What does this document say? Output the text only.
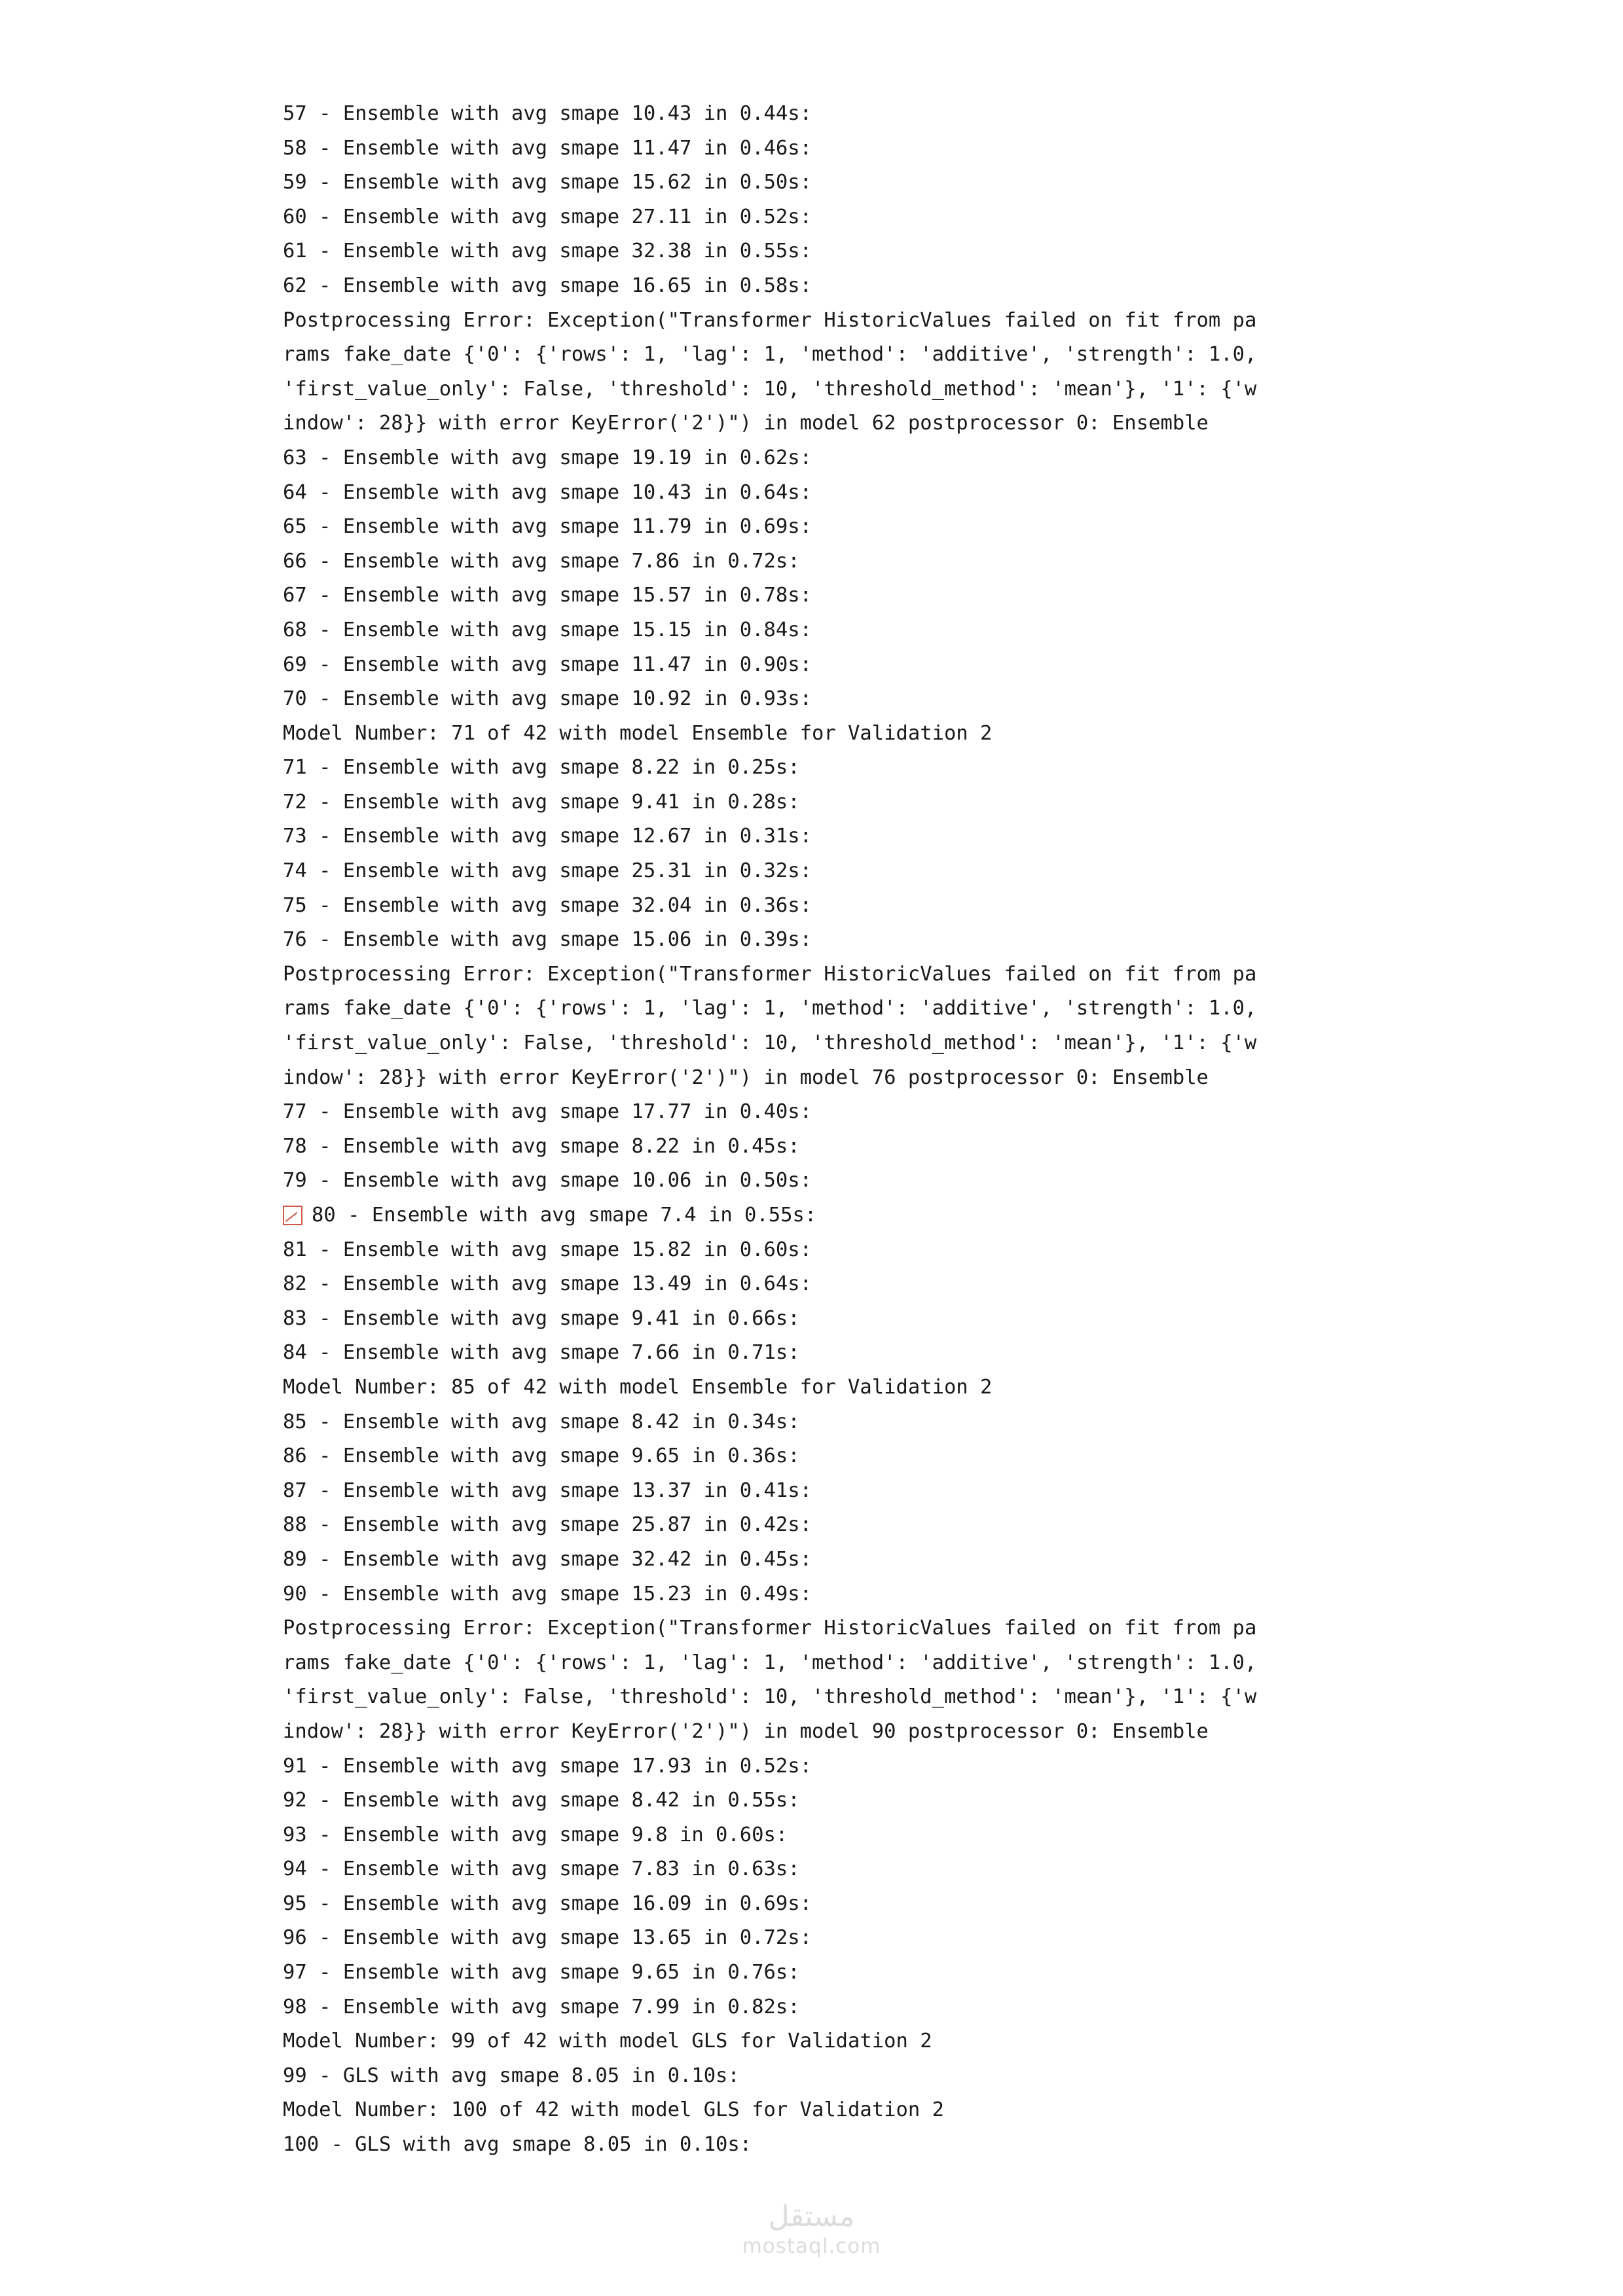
57 - Ensemble with avg smape 10.43 in 0.44s:
58 - Ensemble with avg smape 11.47 in 0.46s:
59 - Ensemble with avg smape 15.62 in 0.50s:
60 - Ensemble with avg smape 27.11 in 0.52s:
61 - Ensemble with avg smape 32.38 in 0.55s:
62 - Ensemble with avg smape 16.65 in 0.58s:
Postprocessing Error: Exception("Transformer HistoricValues failed on fit from pa
rams fake_date {'0': {'rows': 1, 'lag': 1, 'method': 'additive', 'strength': 1.0,
'first_value_only': False, 'threshold': 10, 'threshold_method': 'mean'}, '1': {'w
indow': 28}} with error KeyError('2')") in model 62 postprocessor 0: Ensemble
63 - Ensemble with avg smape 19.19 in 0.62s:
64 - Ensemble with avg smape 10.43 in 0.64s:
65 - Ensemble with avg smape 11.79 in 0.69s:
66 - Ensemble with avg smape 7.86 in 0.72s:
67 - Ensemble with avg smape 15.57 in 0.78s:
68 - Ensemble with avg smape 15.15 in 0.84s:
69 - Ensemble with avg smape 11.47 in 0.90s:
70 - Ensemble with avg smape 10.92 in 0.93s:
Model Number: 71 of 42 with model Ensemble for Validation 2
71 - Ensemble with avg smape 8.22 in 0.25s:
72 - Ensemble with avg smape 9.41 in 0.28s:
73 - Ensemble with avg smape 12.67 in 0.31s:
74 - Ensemble with avg smape 25.31 in 0.32s:
75 - Ensemble with avg smape 32.04 in 0.36s:
76 - Ensemble with avg smape 15.06 in 0.39s:
Postprocessing Error: Exception("Transformer HistoricValues failed on fit from pa
rams fake_date {'0': {'rows': 1, 'lag': 1, 'method': 'additive', 'strength': 1.0,
'first_value_only': False, 'threshold': 10, 'threshold_method': 'mean'}, '1': {'w
indow': 28}} with error KeyError('2')") in model 76 postprocessor 0: Ensemble
77 - Ensemble with avg smape 17.77 in 0.40s:
78 - Ensemble with avg smape 8.22 in 0.45s:
79 - Ensemble with avg smape 10.06 in 0.50s:
80 - Ensemble with avg smape 7.4 in 0.55s:
81 - Ensemble with avg smape 15.82 in 0.60s:
82 - Ensemble with avg smape 13.49 in 0.64s:
83 - Ensemble with avg smape 9.41 in 0.66s:
84 - Ensemble with avg smape 7.66 in 0.71s:
Model Number: 85 of 42 with model Ensemble for Validation 2
85 - Ensemble with avg smape 8.42 in 0.34s:
86 - Ensemble with avg smape 9.65 in 0.36s:
87 - Ensemble with avg smape 13.37 in 0.41s:
88 - Ensemble with avg smape 25.87 in 0.42s:
89 - Ensemble with avg smape 32.42 in 0.45s:
90 - Ensemble with avg smape 15.23 in 0.49s:
Postprocessing Error: Exception("Transformer HistoricValues failed on fit from pa
rams fake_date {'0': {'rows': 1, 'lag': 1, 'method': 'additive', 'strength': 1.0,
'first_value_only': False, 'threshold': 10, 'threshold_method': 'mean'}, '1': {'w
indow': 28}} with error KeyError('2')") in model 90 postprocessor 0: Ensemble
91 - Ensemble with avg smape 17.93 in 0.52s:
92 - Ensemble with avg smape 8.42 in 0.55s:
93 - Ensemble with avg smape 9.8 in 0.60s:
94 - Ensemble with avg smape 7.83 in 0.63s:
95 - Ensemble with avg smape 16.09 in 0.69s:
96 - Ensemble with avg smape 13.65 in 0.72s:
97 - Ensemble with avg smape 9.65 in 0.76s:
98 - Ensemble with avg smape 7.99 in 0.82s:
Model Number: 99 of 42 with model GLS for Validation 2
99 - GLS with avg smape 8.05 in 0.10s:
Model Number: 100 of 42 with model GLS for Validation 2
100 - GLS with avg smape 8.05 in 0.10s:
مستقل
mostaql.com
